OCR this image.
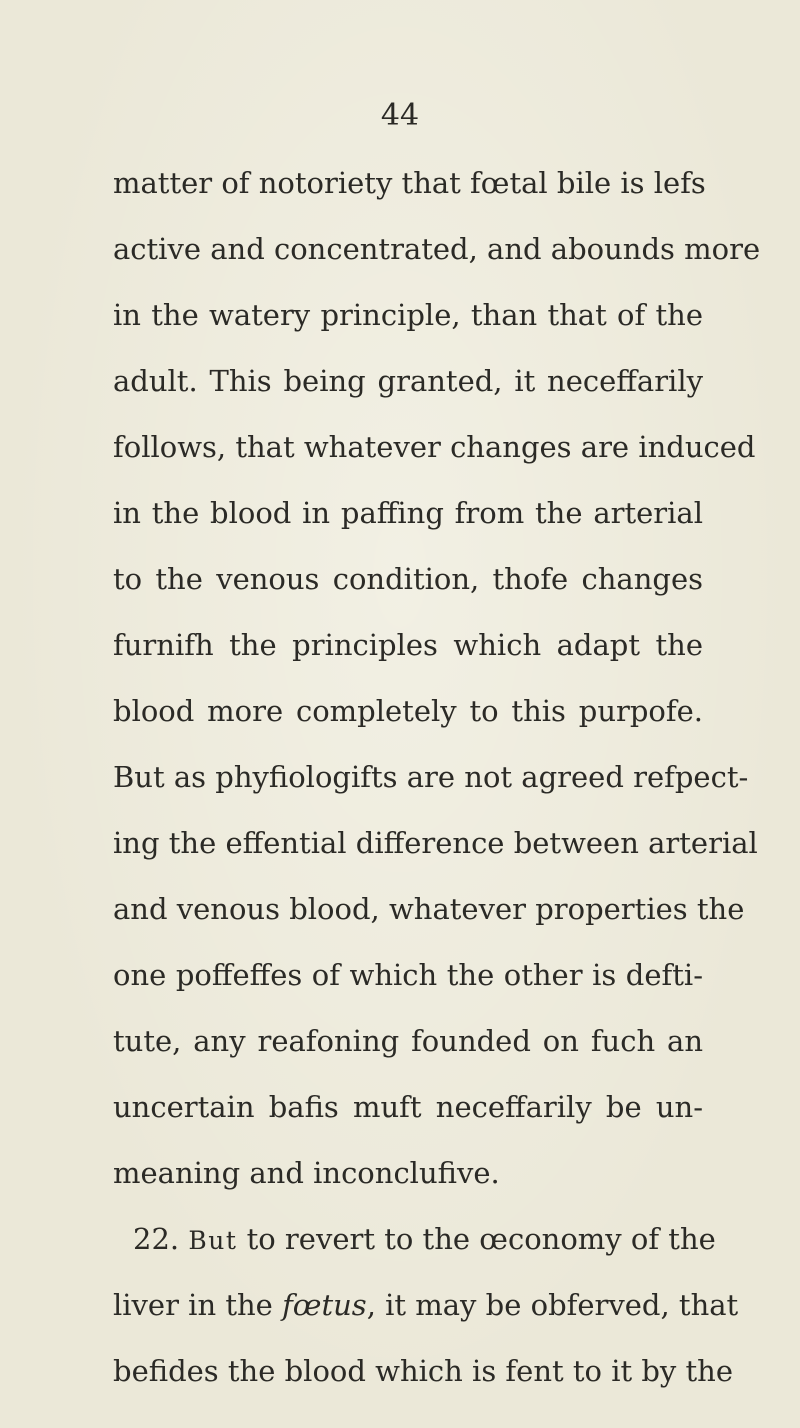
44
matter of notoriety that fœtal bile is lefs
active and concentrated, and abounds more
in the watery principle, than that of the
adult. This being granted, it neceffarily
follows, that whatever changes are induced
in the blood in paffing from the arterial
to the venous condition, thofe changes
furnifh the principles which adapt the
blood more completely to this purpofe.
But as phyfiologifts are not agreed refpect-
ing the effential difference between arterial
and venous blood, whatever properties the
one poffeffes of which the other is defti-
tute, any reafoning founded on fuch an
uncertain bafis muft neceffarily be un-
meaning and inconclufive.
22. But to revert to the œconomy of the
liver in the fœtus, it may be obferved, that
befides the blood which is fent to it by the
